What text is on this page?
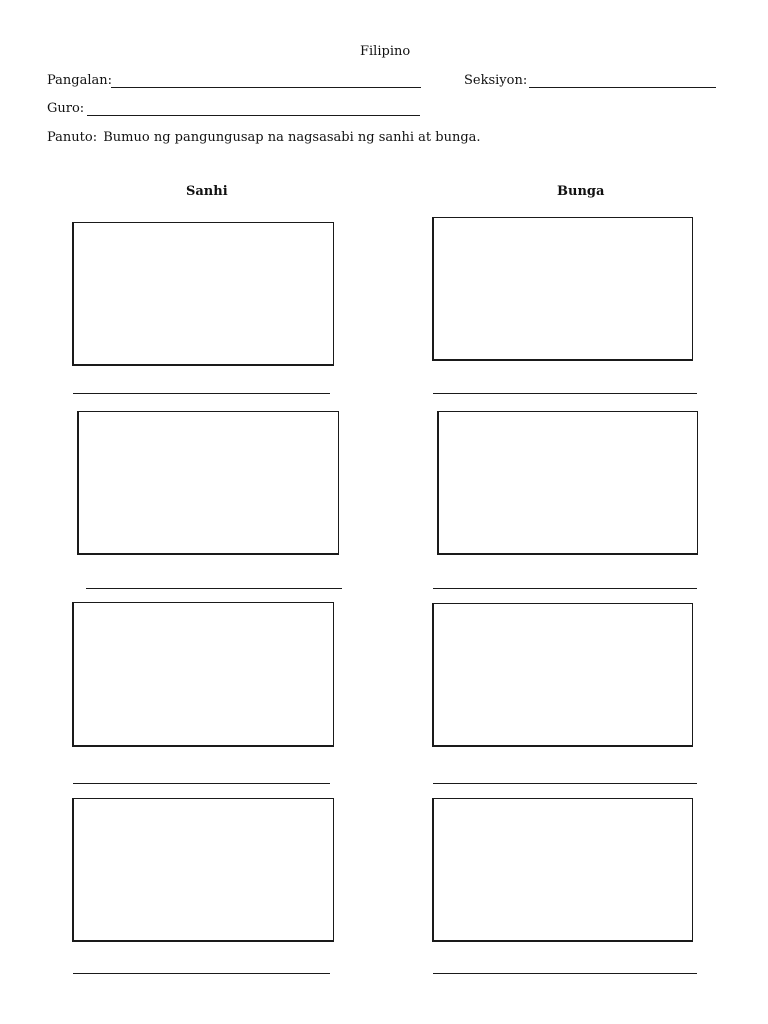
Filipino
Pangalan:	Seksiyon:
Guro:
Panuto: Bumuo ng pangungusap na nagsasabi ng sanhi at bunga.
Sanhi	Bunga
